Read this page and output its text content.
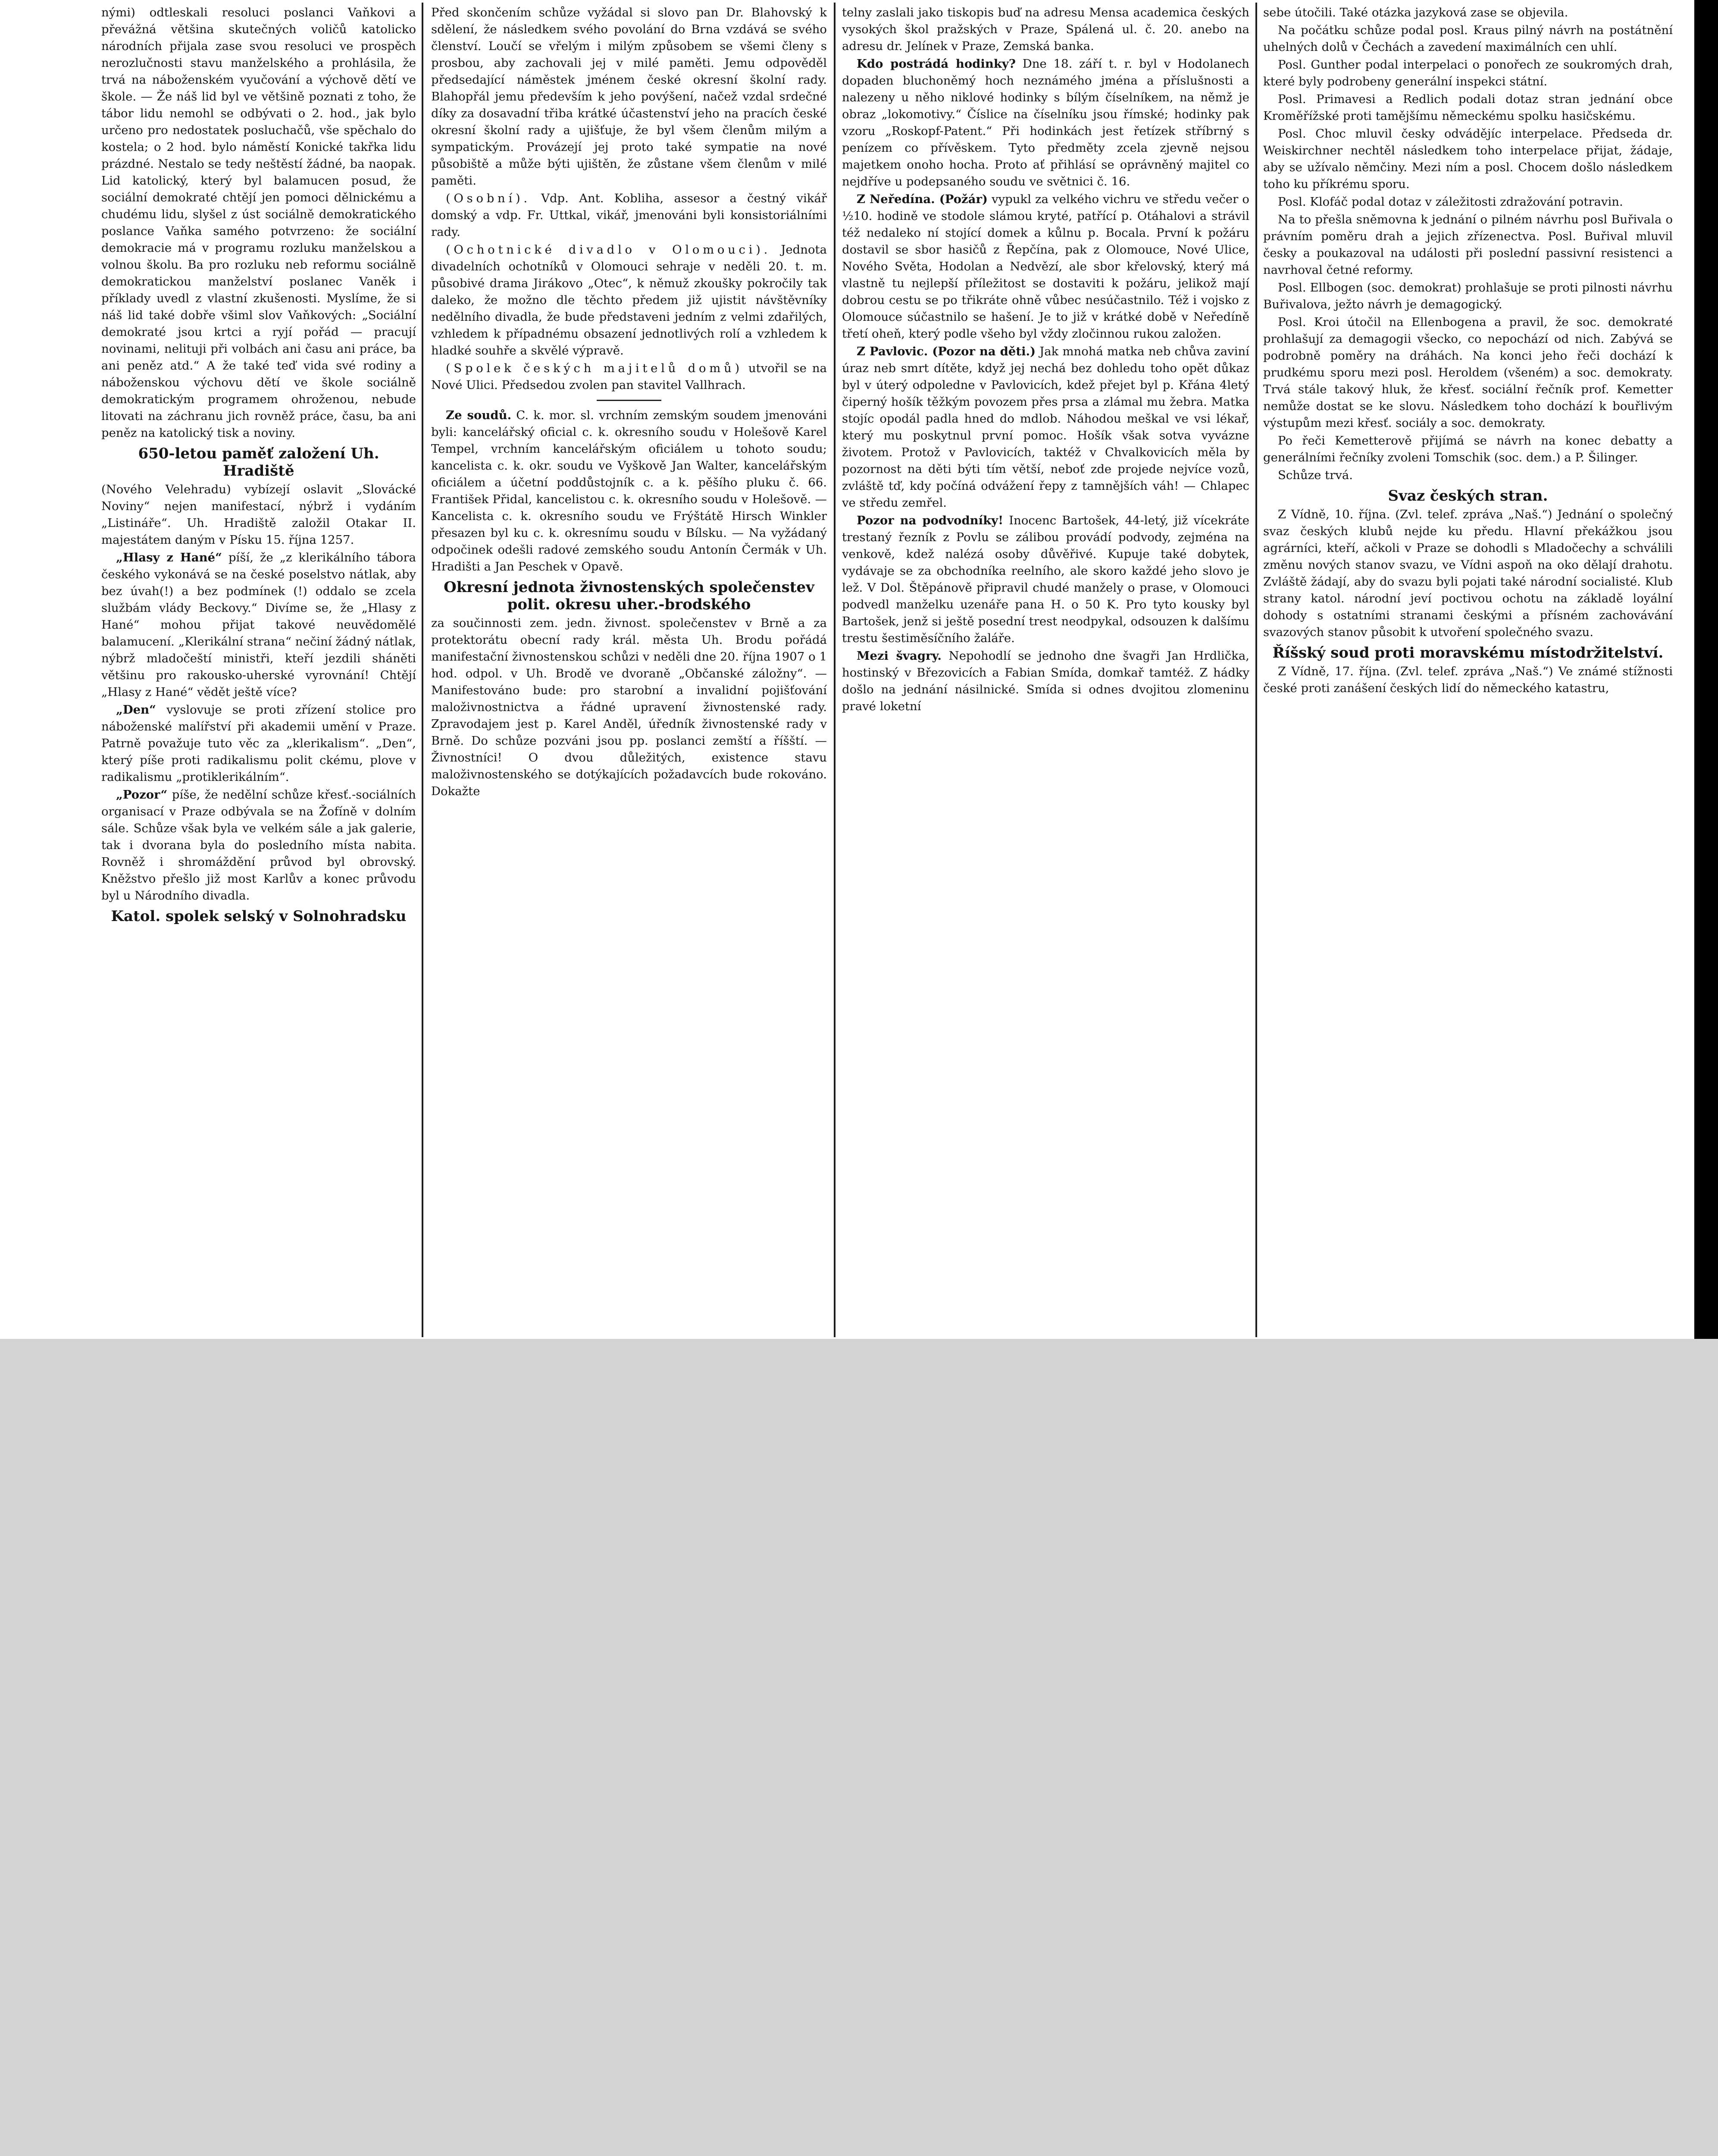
nými) odtleskali resoluci poslanci Vaňkovi a převážná většina skutečných voličů katolicko národních přijala zase svou resoluci ve prospěch nerozlučnosti stavu manželského a prohlásila, že trvá na náboženském vyučování a výchově dětí ve škole. — Že náš lid byl ve většině poznati z toho, že tábor lidu nemohl se odbývati o 2. hod., jak bylo určeno pro nedostatek posluchačů, vše spěchalo do kostela; o 2 hod. bylo náměstí Konické takřka lidu prázdné. Nestalo se tedy neštěstí žádné, ba naopak. Lid katolický, který byl balamucen posud, že sociální demokraté chtějí jen pomoci dělnickému a chudému lidu, slyšel z úst sociálně demokratického poslance Vaňka samého potvrzeno: že sociální demokracie má v programu rozluku manželskou a volnou školu. Ba pro rozluku neb reformu sociálně demokratickou manželství poslanec Vaněk i příklady uvedl z vlastní zkušenosti. Myslíme, že si náš lid také dobře všiml slov Vaňkových: „Sociální demokraté jsou krtci a ryjí pořád — pracují novinami, nelituji při volbách ani času ani práce, ba ani peněz atd.“ A že také teď vida své rodiny a náboženskou výchovu dětí ve škole sociálně demokratickým programem ohroženou, nebude litovati na záchranu jich rovněž práce, času, ba ani peněz na katolický tisk a noviny.

650-letou paměť založení Uh. Hradiště

(Nového Velehradu) vybízejí oslavit „Slovácké Noviny“ nejen manifestací, nýbrž i vydáním „Listináře“. Uh. Hradiště založil Otakar II. majestátem daným v Písku 15. října 1257.

„Hlasy z Hané“ píší, že „z klerikálního tábora českého vykonává se na české poselstvo nátlak, aby bez úvah(!) a bez podmínek (!) oddalo se zcela službám vlády Beckovy.“ Divíme se, že „Hlasy z Hané“ mohou přijat takové neuvědomělé balamucení. „Klerikální strana“ nečiní žádný nátlak, nýbrž mladočeští ministři, kteří jezdili sháněti většinu pro rakousko-uherské vyrovnání! Chtějí „Hlasy z Hané“ vědět ještě více?

„Den“ vyslovuje se proti zřízení stolice pro náboženské malířství při akademii umění v Praze. Patrně považuje tuto věc za „klerikalism“. „Den“, který píše proti radikalismu polit ckému, plove v radikalismu „protiklerikálním“.

„Pozor“ píše, že nedělní schůze křesť.-sociálních organisací v Praze odbývala se na Žofíně v dolním sále. Schůze však byla ve velkém sále a jak galerie, tak i dvorana byla do posledního místa nabita. Rovněž i shromáždění průvod byl obrovský. Kněžstvo přešlo již most Karlův a konec průvodu byl u Národního divadla.

Katol. spolek selský v Solnohradsku

Před skončením schůze vyžádal si slovo pan Dr. Blahovský k sdělení, že následkem svého povolání do Brna vzdává se svého členství. Loučí se vřelým i milým způsobem se všemi členy s prosbou, aby zachovali jej v milé paměti. Jemu odpověděl předsedající náměstek jménem české okresní školní rady. Blahopřál jemu především k jeho povýšení, načež vzdal srdečné díky za dosavadní třiba krátké účastenství jeho na pracích české okresní školní rady a ujišťuje, že byl všem členům milým a sympatickým. Provázejí jej proto také sympatie na nové působiště a může býti ujištěn, že zůstane všem členům v milé paměti.

(Osobní). Vdp. Ant. Kobliha, assesor a čestný vikář domský a vdp. Fr. Uttkal, vikář, jmenováni byli konsistoriálními rady.

(Ochotnické divadlo v Olomouci). Jednota divadelních ochotníků v Olomouci sehraje v neděli 20. t. m. působivé drama Jirákovo „Otec“, k němuž zkoušky pokročily tak daleko, že možno dle těchto předem již ujistit návštěvníky nedělního divadla, že bude představeni jedním z velmi zdařilých, vzhledem k případnému obsazení jednotlivých rolí a vzhledem k hladké souhře a skvělé výpravě.

(Spolek českých majitelů domů) utvořil se na Nové Ulici. Předsedou zvolen pan stavitel Vallhrach.

Ze soudů. C. k. mor. sl. vrchním zemským soudem jmenováni byli: kancelářský oficial c. k. okresního soudu v Holešově Karel Tempel, vrchním kancelářským oficiálem u tohoto soudu; kancelista c. k. okr. soudu ve Vyškově Jan Walter, kancelářským oficiálem a účetní poddůstojník c. a k. pěšího pluku č. 66. František Přidal, kancelistou c. k. okresního soudu v Holešově. — Kancelista c. k. okresního soudu ve Frýštátě Hirsch Winkler přesazen byl ku c. k. okresnímu soudu v Bílsku. — Na vyžádaný odpočinek odešli radové zemského soudu Antonín Čermák v Uh. Hradišti a Jan Peschek v Opavě.

Okresní jednota živnostenských společenstev polit. okresu uher.-brodského

za součinnosti zem. jedn. živnost. společenstev v Brně a za protektorátu obecní rady král. města Uh. Brodu pořádá manifestační živnostenskou schůzi v neděli dne 20. října 1907 o 1 hod. odpol. v Uh. Brodě ve dvoraně „Občanské záložny“. — Manifestováno bude: pro starobní a invalidní pojišťování maloživnostnictva a řádné upravení živnostenské rady. Zpravodajem jest p. Karel Anděl, úředník živnostenské rady v Brně. Do schůze pozváni jsou pp. poslanci zemští a říšští. — Živnostníci! O dvou důležitých, existence stavu maloživnostenského se dotýkajících požadavcích bude rokováno. Dokažte

telny zaslali jako tiskopis buď na adresu Mensa academica českých vysokých škol pražských v Praze, Spálená ul. č. 20. anebo na adresu dr. Jelínek v Praze, Zemská banka.

Kdo postrádá hodinky? Dne 18. září t. r. byl v Hodolanech dopaden bluchoněmý hoch neznámého jména a příslušnosti a nalezeny u něho niklové hodinky s bílým číselníkem, na němž je obraz „lokomotivy.“ Číslice na číselníku jsou římské; hodinky pak vzoru „Roskopf-Patent.“ Při hodinkách jest řetízek stříbrný s penízem co přívěskem. Tyto předměty zcela zjevně nejsou majetkem onoho hocha. Proto ať přihlásí se oprávněný majitel co nejdříve u podepsaného soudu ve světnici č. 16.

Z Neředína. (Požár) vypukl za velkého vichru ve středu večer o ½10. hodině ve stodole slámou kryté, patřící p. Otáhalovi a strávil též nedaleko ní stojící domek a kůlnu p. Bocala. První k požáru dostavil se sbor hasičů z Řepčína, pak z Olomouce, Nové Ulice, Nového Světa, Hodolan a Nedvězí, ale sbor křelovský, který má vlastně tu nejlepší příležitost se dostaviti k požáru, jelikož mají dobrou cestu se po třikráte ohně vůbec nesúčastnilo. Též i vojsko z Olomouce súčastnilo se hašení. Je to již v krátké době v Neředíně třetí oheň, který podle všeho byl vždy zločinnou rukou založen.

Z Pavlovic. (Pozor na děti.) Jak mnohá matka neb chůva zaviní úraz neb smrt dítěte, když jej nechá bez dohledu toho opět důkaz byl v úterý odpoledne v Pavlovicích, kdež přejet byl p. Křána 4letý čiperný hošík těžkým povozem přes prsa a zlámal mu žebra. Matka stojíc opodál padla hned do mdlob. Náhodou meškal ve vsi lékař, který mu poskytnul první pomoc. Hošík však sotva vyvázne životem. Protož v Pavlovicích, taktéž v Chvalkovicích měla by pozornost na děti býti tím větší, neboť zde projede nejvíce vozů, zvláště tď, kdy počíná odvážení řepy z tamnějších váh! — Chlapec ve středu zemřel.

Pozor na podvodníky! Inocenc Bartošek, 44-letý, již vícekráte trestaný řezník z Povlu se zálibou provádí podvody, zejména na venkově, kdež nalézá osoby důvěřivé. Kupuje také dobytek, vydávaje se za obchodníka reelního, ale skoro každé jeho slovo je lež. V Dol. Štěpánově připravil chudé manžely o prase, v Olomouci podvedl manželku uzenáře pana H. o 50 K. Pro tyto kousky byl Bartošek, jenž si ještě posední trest neodpykal, odsouzen k dalšímu trestu šestiměsíčního žaláře.

Mezi švagry. Nepohodlí se jednoho dne švagři Jan Hrdlička, hostinský v Březovicích a Fabian Smída, domkař tamtéž. Z hádky došlo na jednání násilnické. Smída si odnes dvojitou zlomeninu pravé loketní

sebe útočili. Také otázka jazyková zase se objevila.

Na počátku schůze podal posl. Kraus pilný návrh na postátnění uhelných dolů v Čechách a zavedení maximálních cen uhlí.

Posl. Gunther podal interpelaci o ponořech ze soukromých drah, které byly podrobeny generální inspekci státní.

Posl. Primavesi a Redlich podali dotaz stran jednání obce Kroměřížské proti tamějšímu německému spolku hasičskému.

Posl. Choc mluvil česky odvádějíc interpelace. Předseda dr. Weiskirchner nechtěl následkem toho interpelace přijat, žádaje, aby se užívalo němčiny. Mezi ním a posl. Chocem došlo následkem toho ku příkrému sporu.

Posl. Klofáč podal dotaz v záležitosti zdražování potravin.

Na to přešla sněmovna k jednání o pilném návrhu posl Buřivala o právním poměru drah a jejich zřízenectva. Posl. Buřival mluvil česky a poukazoval na události při poslední passivní resistenci a navrhoval četné reformy.

Posl. Ellbogen (soc. demokrat) prohlašuje se proti pilnosti návrhu Buřivalova, ježto návrh je demagogický.

Posl. Kroi útočil na Ellenbogena a pravil, že soc. demokraté prohlašují za demagogii všecko, co nepochází od nich. Zabývá se podrobně poměry na dráhách. Na konci jeho řeči dochází k prudkému sporu mezi posl. Heroldem (všeném) a soc. demokraty. Trvá stále takový hluk, že křesť. sociální řečník prof. Kemetter nemůže dostat se ke slovu. Následkem toho dochází k bouřlivým výstupům mezi křesť. sociály a soc. demokraty.

Po řeči Kemetterově přijímá se návrh na konec debatty a generálními řečníky zvoleni Tomschik (soc. dem.) a P. Šilinger.

Schůze trvá.

Svaz českých stran.

Z Vídně, 10. října. (Zvl. telef. zpráva „Naš.“) Jednání o společný svaz českých klubů nejde ku předu. Hlavní překážkou jsou agrárníci, kteří, ačkoli v Praze se dohodli s Mladočechy a schválili změnu nových stanov svazu, ve Vídni aspoň na oko dělají drahotu. Zvláště žádají, aby do svazu byli pojati také národní socialisté. Klub strany katol. národní jeví poctivou ochotu na základě loyální dohody s ostatními stranami českými a přísném zachovávání svazových stanov působit k utvoření společného svazu.

Říšský soud proti moravskému místodržitelství.

Z Vídně, 17. října. (Zvl. telef. zpráva „Naš.“) Ve známé stížnosti české proti zanášení českých lidí do německého katastru,
